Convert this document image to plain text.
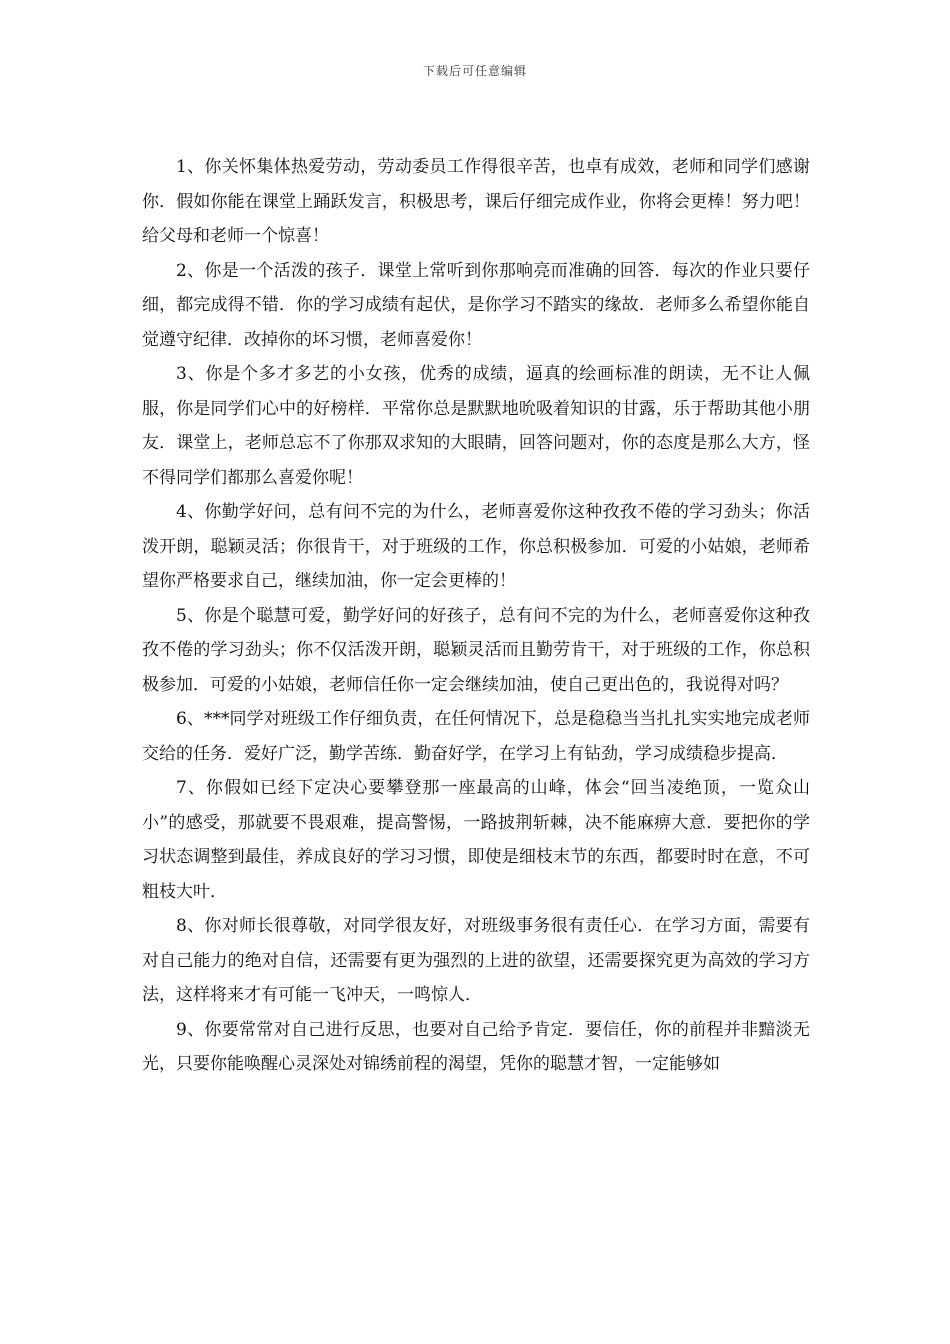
下载后可任意编辑

1、你关怀集体热爱劳动，劳动委员工作得很辛苦，也卓有成效，老师和同学们感谢你．假如你能在课堂上踊跃发言，积极思考，课后仔细完成作业，你将会更棒！努力吧！给父母和老师一个惊喜！

2、你是一个活泼的孩子．课堂上常听到你那响亮而准确的回答．每次的作业只要仔细，都完成得不错．你的学习成绩有起伏，是你学习不踏实的缘故．老师多么希望你能自觉遵守纪律．改掉你的坏习惯，老师喜爱你！

3、你是个多才多艺的小女孩，优秀的成绩，逼真的绘画标准的朗读，无不让人佩服，你是同学们心中的好榜样．平常你总是默默地吮吸着知识的甘露，乐于帮助其他小朋友．课堂上，老师总忘不了你那双求知的大眼睛，回答问题对，你的态度是那么大方，怪不得同学们都那么喜爱你呢！

4、你勤学好问，总有问不完的为什么，老师喜爱你这种孜孜不倦的学习劲头；你活泼开朗，聪颖灵活；你很肯干，对于班级的工作，你总积极参加．可爱的小姑娘，老师希望你严格要求自己，继续加油，你一定会更棒的！

5、你是个聪慧可爱，勤学好问的好孩子，总有问不完的为什么，老师喜爱你这种孜孜不倦的学习劲头；你不仅活泼开朗，聪颖灵活而且勤劳肯干，对于班级的工作，你总积极参加．可爱的小姑娘，老师信任你一定会继续加油，使自己更出色的，我说得对吗？

6、***同学对班级工作仔细负责，在任何情况下，总是稳稳当当扎扎实实地完成老师交给的任务．爱好广泛，勤学苦练．勤奋好学，在学习上有钻劲，学习成绩稳步提高．

7、你假如已经下定决心要攀登那一座最高的山峰，体会“回当凌绝顶，一览众山小”的感受，那就要不畏艰难，提高警惕，一路披荆斩棘，决不能麻痹大意．要把你的学习状态调整到最佳，养成良好的学习习惯，即使是细枝末节的东西，都要时时在意，不可粗枝大叶．

8、你对师长很尊敬，对同学很友好，对班级事务很有责任心．在学习方面，需要有对自己能力的绝对自信，还需要有更为强烈的上进的欲望，还需要探究更为高效的学习方法，这样将来才有可能一飞冲天，一鸣惊人．

9、你要常常对自己进行反思，也要对自己给予肯定．要信任，你的前程并非黯淡无光，只要你能唤醒心灵深处对锦绣前程的渴望，凭你的聪慧才智，一定能够如
